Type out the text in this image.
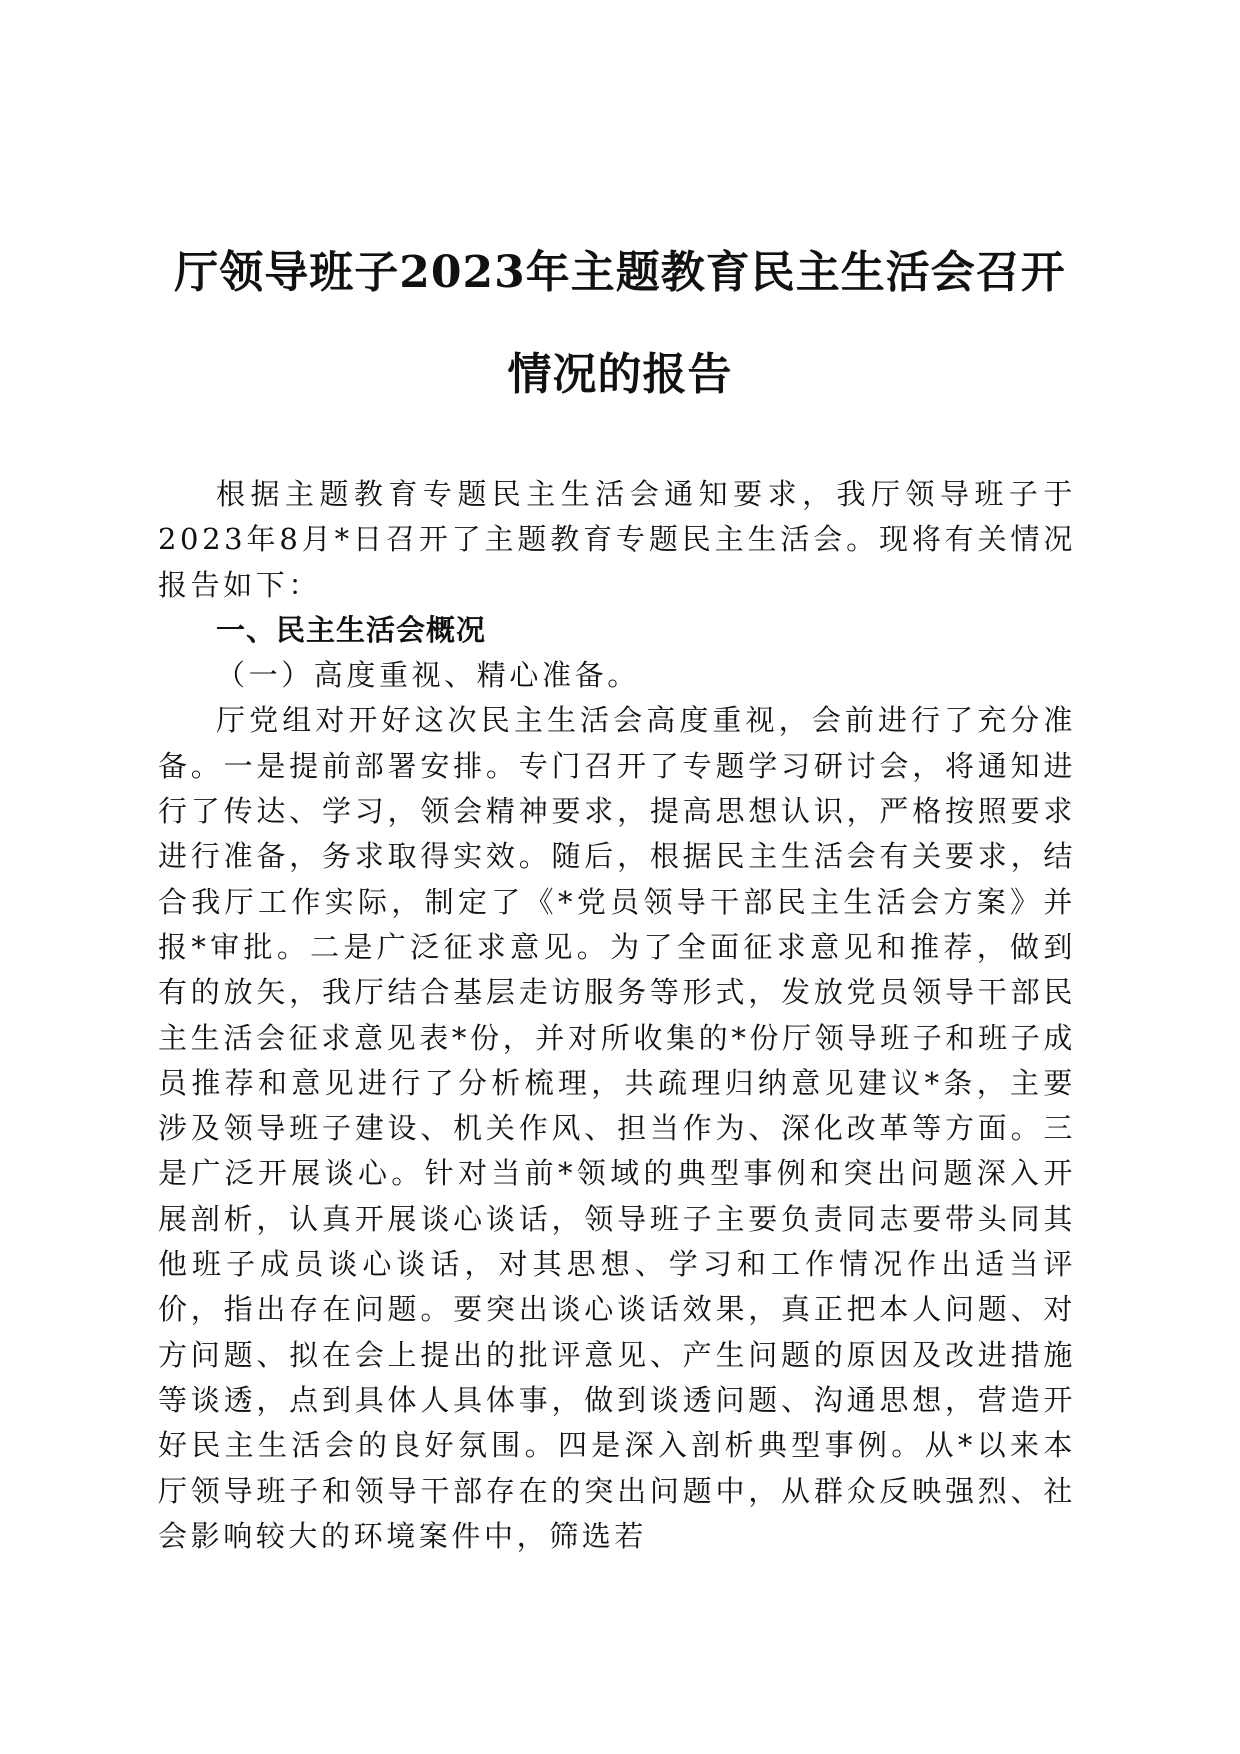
厅领导班子2023年主题教育民主生活会召开
情况的报告

根据主题教育专题民主生活会通知要求，我厅领导班子于2023年8月*日召开了主题教育专题民主生活会。现将有关情况报告如下：

一、民主生活会概况

（一）高度重视、精心准备。

厅党组对开好这次民主生活会高度重视，会前进行了充分准备。一是提前部署安排。专门召开了专题学习研讨会，将通知进行了传达、学习，领会精神要求，提高思想认识，严格按照要求进行准备，务求取得实效。随后，根据民主生活会有关要求，结合我厅工作实际，制定了《*党员领导干部民主生活会方案》并报*审批。二是广泛征求意见。为了全面征求意见和推荐，做到有的放矢，我厅结合基层走访服务等形式，发放党员领导干部民主生活会征求意见表*份，并对所收集的*份厅领导班子和班子成员推荐和意见进行了分析梳理，共疏理归纳意见建议*条，主要涉及领导班子建设、机关作风、担当作为、深化改革等方面。三是广泛开展谈心。针对当前*领域的典型事例和突出问题深入开展剖析，认真开展谈心谈话，领导班子主要负责同志要带头同其他班子成员谈心谈话，对其思想、学习和工作情况作出适当评价，指出存在问题。要突出谈心谈话效果，真正把本人问题、对方问题、拟在会上提出的批评意见、产生问题的原因及改进措施等谈透，点到具体人具体事，做到谈透问题、沟通思想，营造开好民主生活会的良好氛围。四是深入剖析典型事例。从*以来本厅领导班子和领导干部存在的突出问题中，从群众反映强烈、社会影响较大的环境案件中，筛选若
